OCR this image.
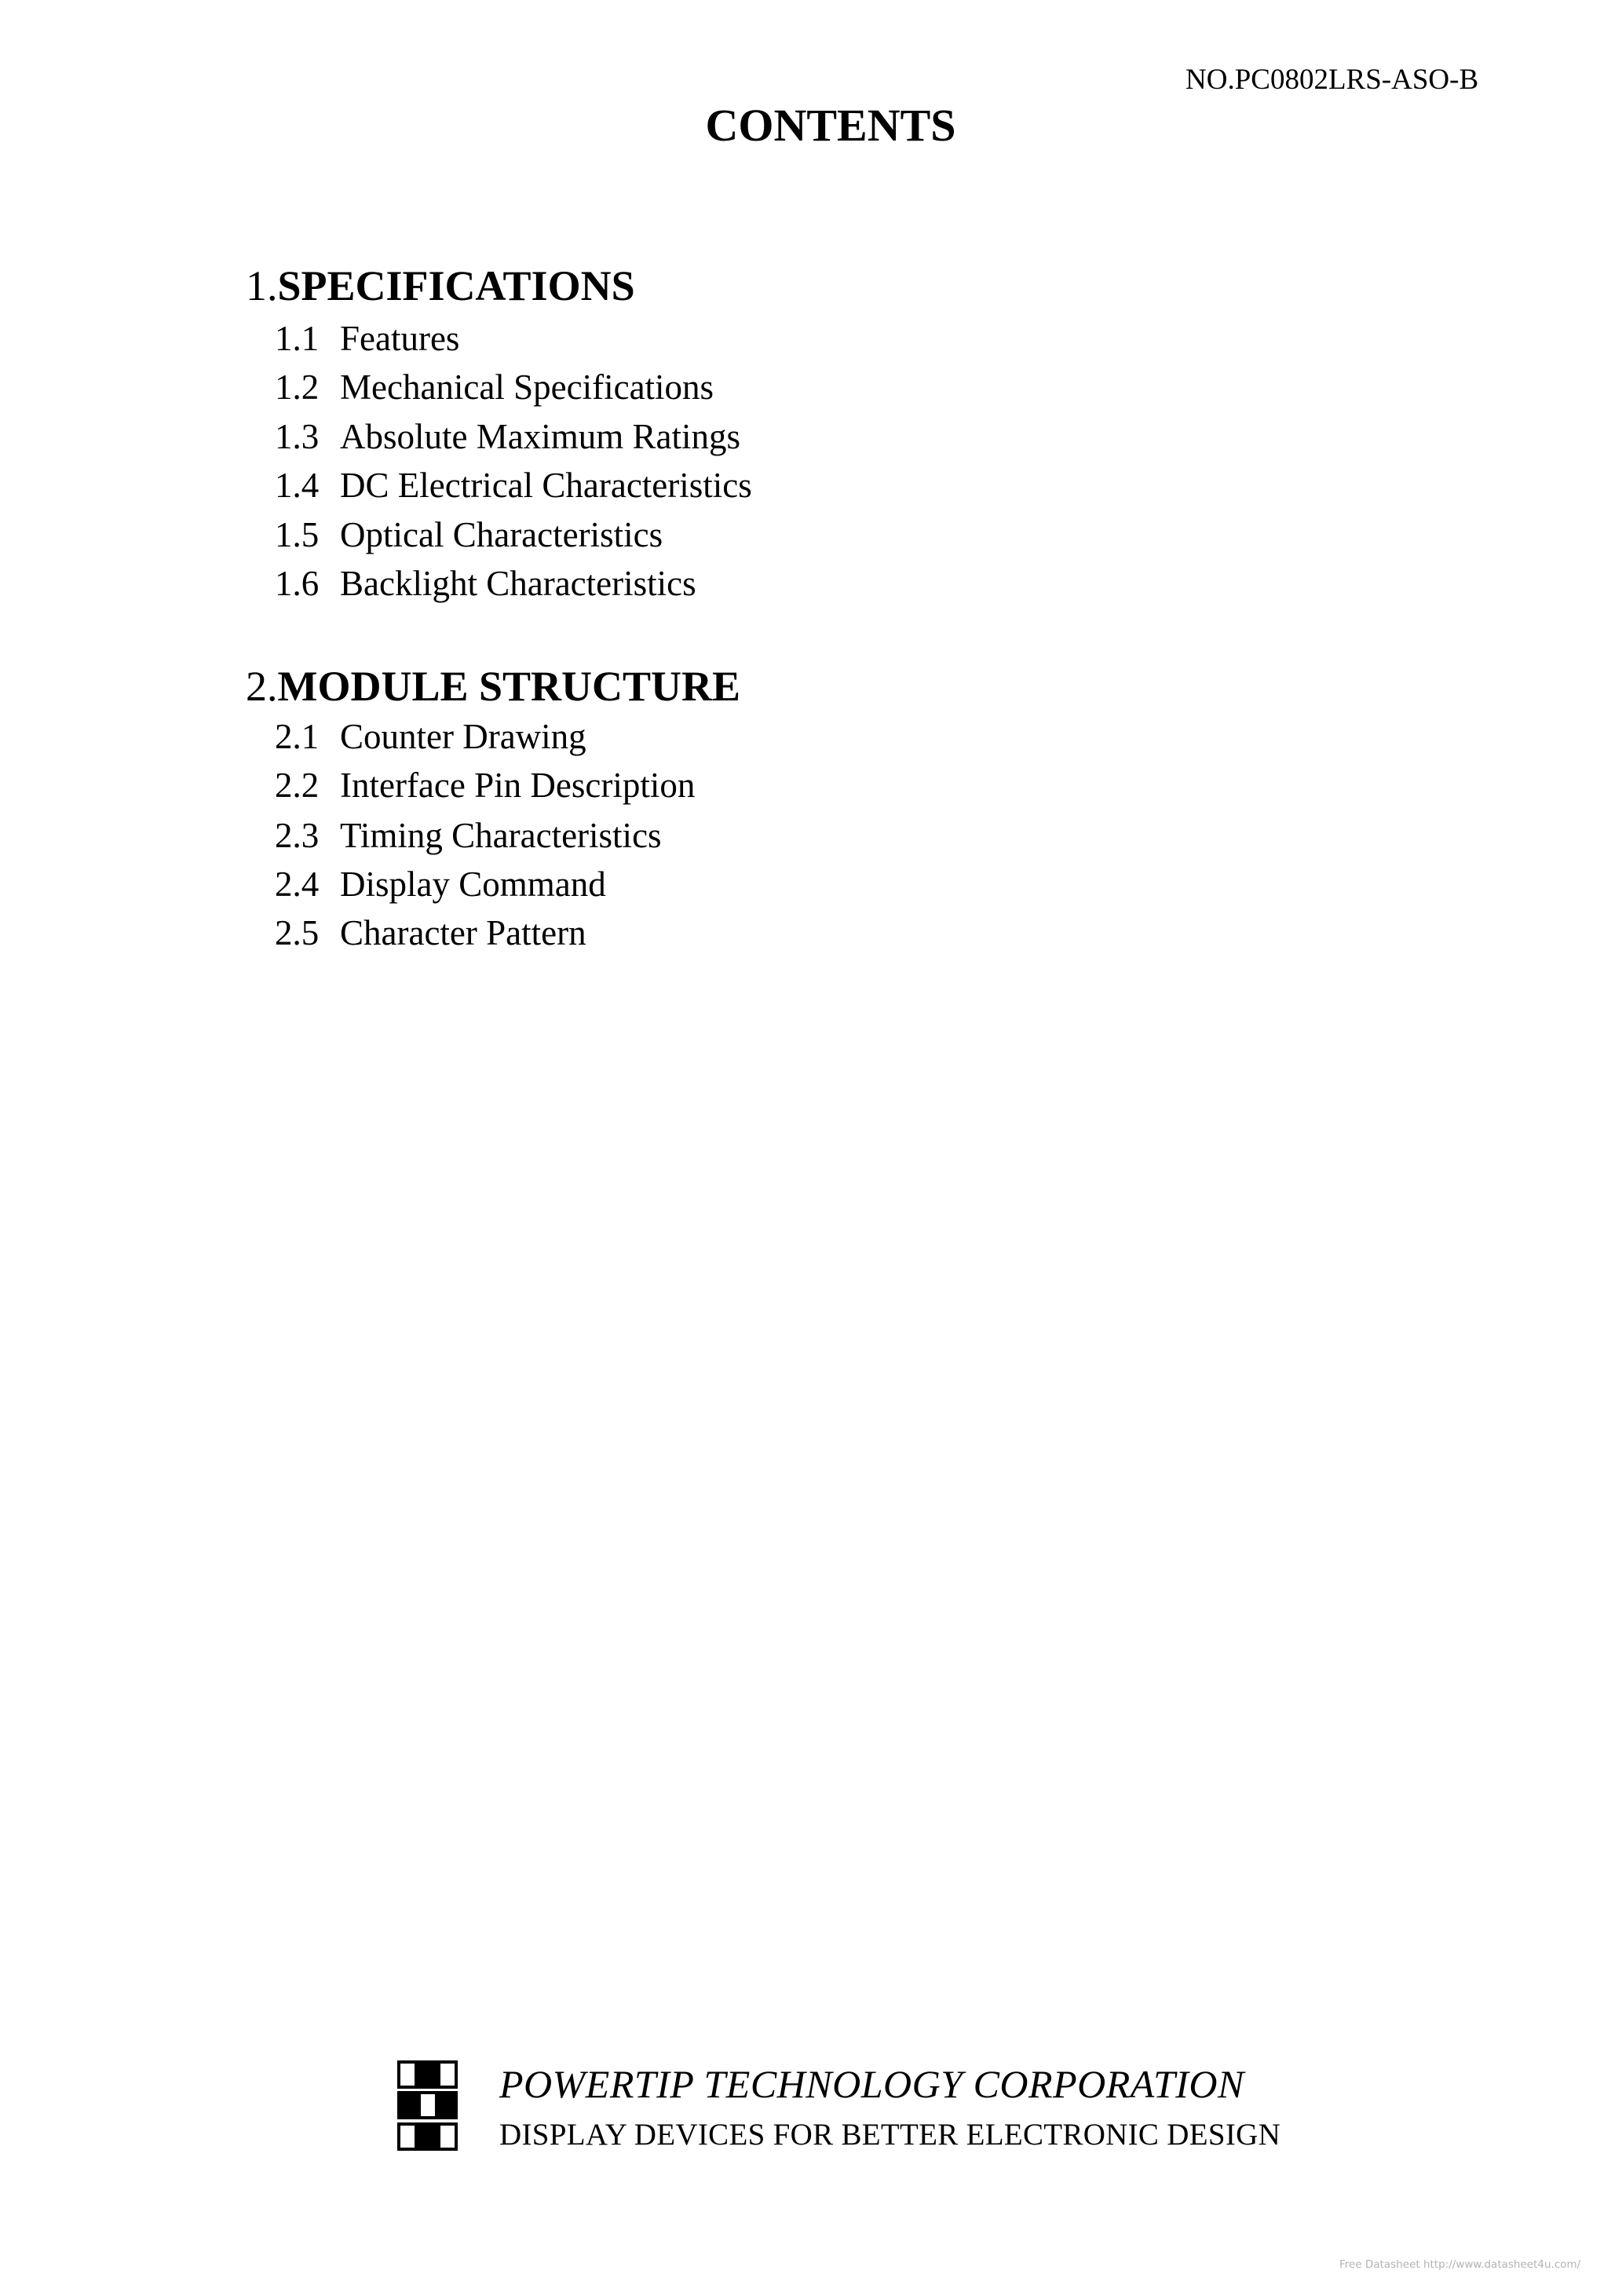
NO.PC0802LRS-ASO-B
CONTENTS
1.SPECIFICATIONS
1.1 Features
1.2 Mechanical Specifications
1.3 Absolute Maximum Ratings
1.4 DC Electrical Characteristics
1.5 Optical Characteristics
1.6 Backlight Characteristics
2.MODULE STRUCTURE
2.1 Counter Drawing
2.2 Interface Pin Description
2.3 Timing Characteristics
2.4 Display Command
2.5 Character Pattern
POWERTIP TECHNOLOGY CORPORATION
DISPLAY DEVICES FOR BETTER ELECTRONIC DESIGN
Free Datasheet http://www.datasheet4u.com/
